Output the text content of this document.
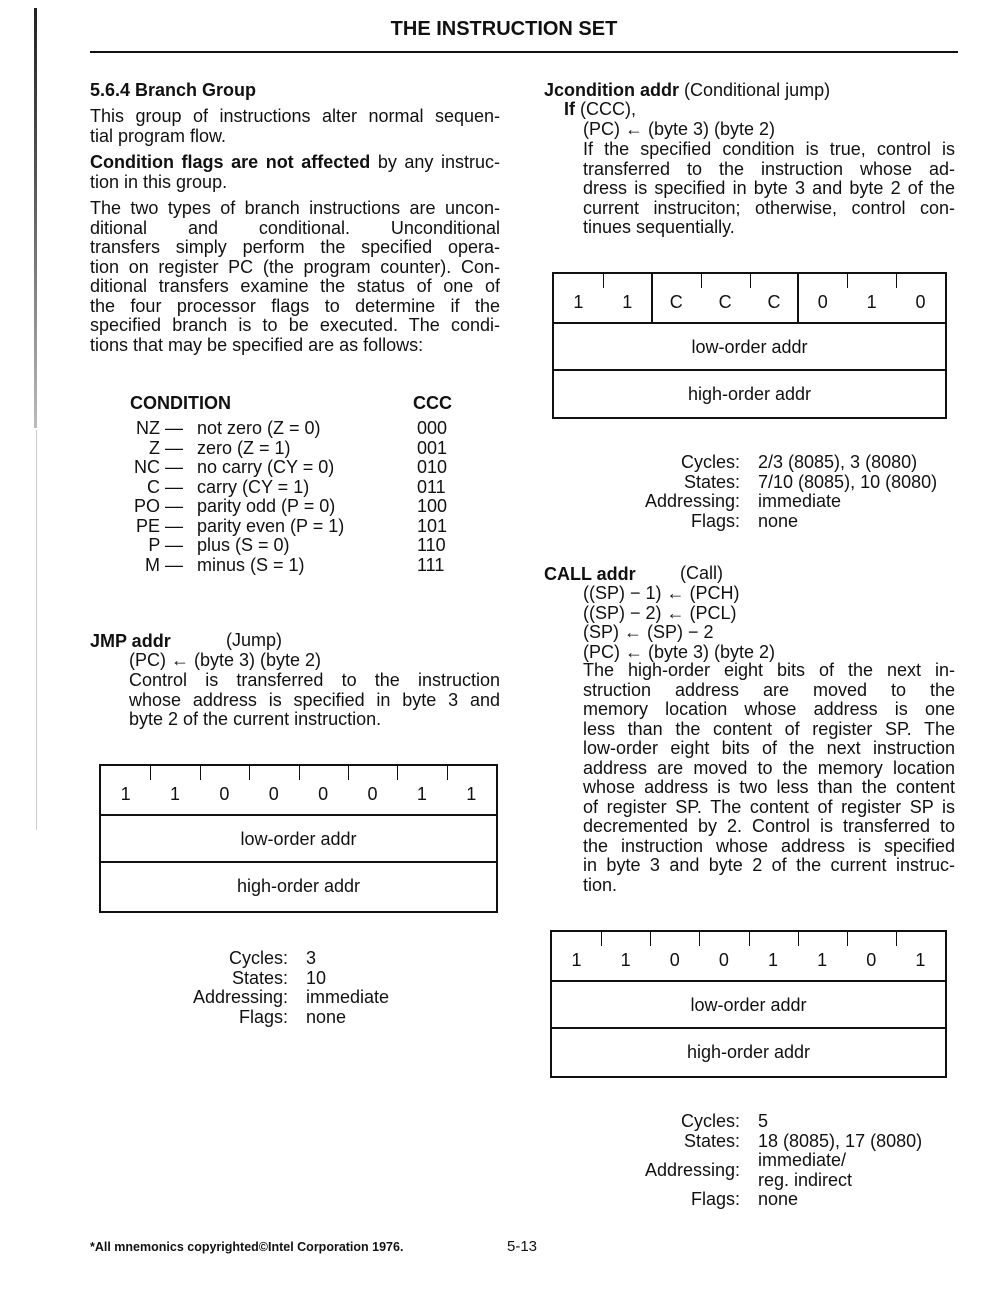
THE INSTRUCTION SET
5.6.4 Branch Group
This group of instructions alter normal sequen-
tial program flow.
Condition flags are not affected by any instruc-
tion in this group.
The two types of branch instructions are uncon-
ditional and conditional. Unconditional
transfers simply perform the specified opera-
tion on register PC (the program counter). Con-
ditional transfers examine the status of one of
the four processor flags to determine if the
specified branch is to be executed. The condi-
tions that may be specified are as follows:
CONDITION	CCC
NZ —	not zero (Z = 0)	000
Z —	zero (Z = 1)	001
NC —	no carry (CY = 0)	010
C —	carry (CY = 1)	011
PO —	parity odd (P = 0)	100
PE —	parity even (P = 1)	101
P —	plus (S = 0)	110
M —	minus (S = 1)	111
JMP addr	(Jump)
(PC) ← (byte 3) (byte 2)
Control is transferred to the instruction
whose address is specified in byte 3 and
byte 2 of the current instruction.
1	1	0	0	0	0	1	1
low-order addr
high-order addr
Cycles:	3
States:	10
Addressing:	immediate
Flags:	none
Jcondition addr (Conditional jump)
If (CCC),
(PC) ← (byte 3) (byte 2)
If the specified condition is true, control is
transferred to the instruction whose ad-
dress is specified in byte 3 and byte 2 of the
current instruciton; otherwise, control con-
tinues sequentially.
1	1	C	C	C	0	1	0
low-order addr
high-order addr
Cycles:	2/3 (8085), 3 (8080)
States:	7/10 (8085), 10 (8080)
Addressing:	immediate
Flags:	none
CALL addr (Call)
((SP) − 1) ← (PCH)
((SP) − 2) ← (PCL)
(SP) ← (SP) − 2
(PC) ← (byte 3) (byte 2)
The high-order eight bits of the next in-
struction address are moved to the
memory location whose address is one
less than the content of register SP. The
low-order eight bits of the next instruction
address are moved to the memory location
whose address is two less than the content
of register SP. The content of register SP is
decremented by 2. Control is transferred to
the instruction whose address is specified
in byte 3 and byte 2 of the current instruc-
tion.
1	1	0	0	1	1	0	1
low-order addr
high-order addr
Cycles:	5
States:	18 (8085), 17 (8080)
Addressing:	immediate/
reg. indirect

Flags:	none
*All mnemonics copyrighted©Intel Corporation 1976.	5-13
